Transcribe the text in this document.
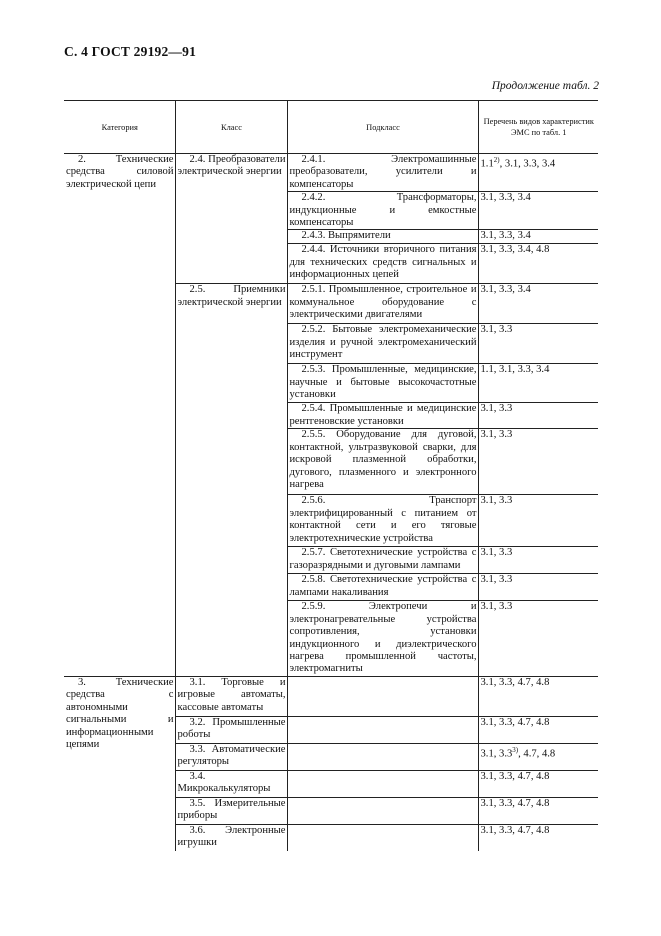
С. 4 ГОСТ 29192—91
Продолжение табл. 2
Категория	Класс	Подкласс	Перечень видов характеристик ЭМС по табл. 1
2. Технические средства силовой электрической цепи	2.4. Преобразователи электрической энергии	2.4.1. Электромашинные преобразователи, усилители и компенсаторы	1.1$^{2)}$, 3.1, 3.3, 3.4
		2.4.2. Трансформаторы, индукционные и емкостные компенсаторы	3.1, 3.3, 3.4
		2.4.3. Выпрямители	3.1, 3.3, 3.4
		2.4.4. Источники вторичного питания для технических средств сигнальных и информационных цепей	3.1, 3.3, 3.4, 4.8
	2.5. Приемники электрической энергии	2.5.1. Промышленное, строительное и коммунальное оборудование с электрическими двигателями	3.1, 3.3, 3.4
		2.5.2. Бытовые электромеханические изделия и ручной электромеханический инструмент	3.1, 3.3
		2.5.3. Промышленные, медицинские, научные и бытовые высокочастотные установки	1.1, 3.1, 3.3, 3.4
		2.5.4. Промышленные и медицинские рентгеновские установки	3.1, 3.3
		2.5.5. Оборудование для дуговой, контактной, ультразвуковой сварки, для искровой плазменной обработки, дугового, плазменного и электронного нагрева	3.1, 3.3
		2.5.6. Транспорт электрифицированный с питанием от контактной сети и его тяговые электротехнические устройства	3.1, 3.3
		2.5.7. Светотехнические устройства с газоразрядными и дуговыми лампами	3.1, 3.3
		2.5.8. Светотехнические устройства с лампами накаливания	3.1, 3.3
		2.5.9. Электропечи и электронагревательные устройства сопротивления, установки индукционного и диэлектрического нагрева промышленной частоты, электромагниты	3.1, 3.3
3. Технические средства с автономными сигнальными и информационными цепями	3.1. Торговые и игровые автоматы, кассовые автоматы		3.1, 3.3, 4.7, 4.8
	3.2. Промышленные роботы		3.1, 3.3, 4.7, 4.8
	3.3. Автоматические регуляторы		3.1, 3.3$^{3)}$, 4.7, 4.8
	3.4. Микрокалькуляторы		3.1, 3.3, 4.7, 4.8
	3.5. Измерительные приборы		3.1, 3.3, 4.7, 4.8
	3.6. Электронные игрушки		3.1, 3.3, 4.7, 4.8
